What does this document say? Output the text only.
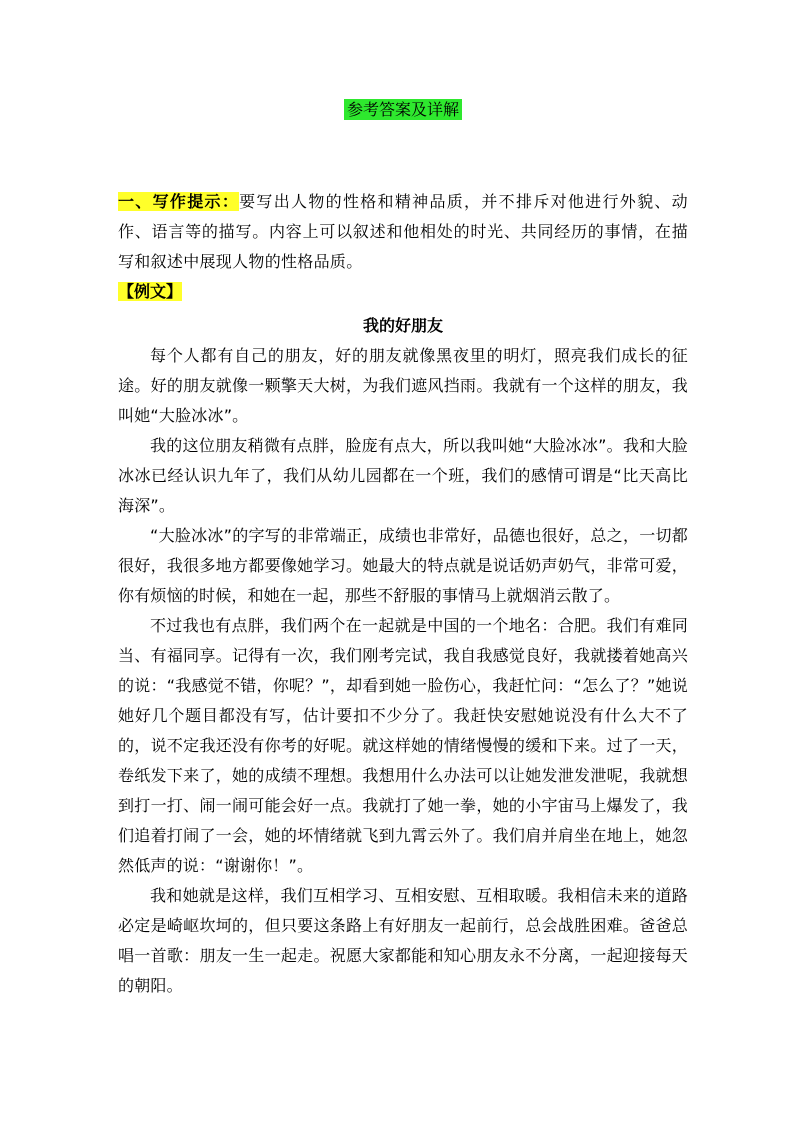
参考答案及详解

一、写作提示：要写出人物的性格和精神品质，并不排斥对他进行外貌、动作、语言等的描写。内容上可以叙述和他相处的时光、共同经历的事情，在描写和叙述中展现人物的性格品质。

【例文】

我的好朋友

每个人都有自己的朋友，好的朋友就像黑夜里的明灯，照亮我们成长的征途。好的朋友就像一颗擎天大树，为我们遮风挡雨。我就有一个这样的朋友，我叫她“大脸冰冰”。

我的这位朋友稍微有点胖，脸庞有点大，所以我叫她“大脸冰冰”。我和大脸冰冰已经认识九年了，我们从幼儿园都在一个班，我们的感情可谓是“比天高比海深”。

“大脸冰冰”的字写的非常端正，成绩也非常好，品德也很好，总之，一切都很好，我很多地方都要像她学习。她最大的特点就是说话奶声奶气，非常可爱，你有烦恼的时候，和她在一起，那些不舒服的事情马上就烟消云散了。

不过我也有点胖，我们两个在一起就是中国的一个地名：合肥。我们有难同当、有福同享。记得有一次，我们刚考完试，我自我感觉良好，我就搂着她高兴的说：“我感觉不错，你呢？”，却看到她一脸伤心，我赶忙问：“怎么了？”她说她好几个题目都没有写，估计要扣不少分了。我赶快安慰她说没有什么大不了的，说不定我还没有你考的好呢。就这样她的情绪慢慢的缓和下来。过了一天，卷纸发下来了，她的成绩不理想。我想用什么办法可以让她发泄发泄呢，我就想到打一打、闹一闹可能会好一点。我就打了她一拳，她的小宇宙马上爆发了，我们追着打闹了一会，她的坏情绪就飞到九霄云外了。我们肩并肩坐在地上，她忽然低声的说：“谢谢你！”。

我和她就是这样，我们互相学习、互相安慰、互相取暖。我相信未来的道路必定是崎岖坎坷的，但只要这条路上有好朋友一起前行，总会战胜困难。爸爸总唱一首歌：朋友一生一起走。祝愿大家都能和知心朋友永不分离，一起迎接每天的朝阳。
